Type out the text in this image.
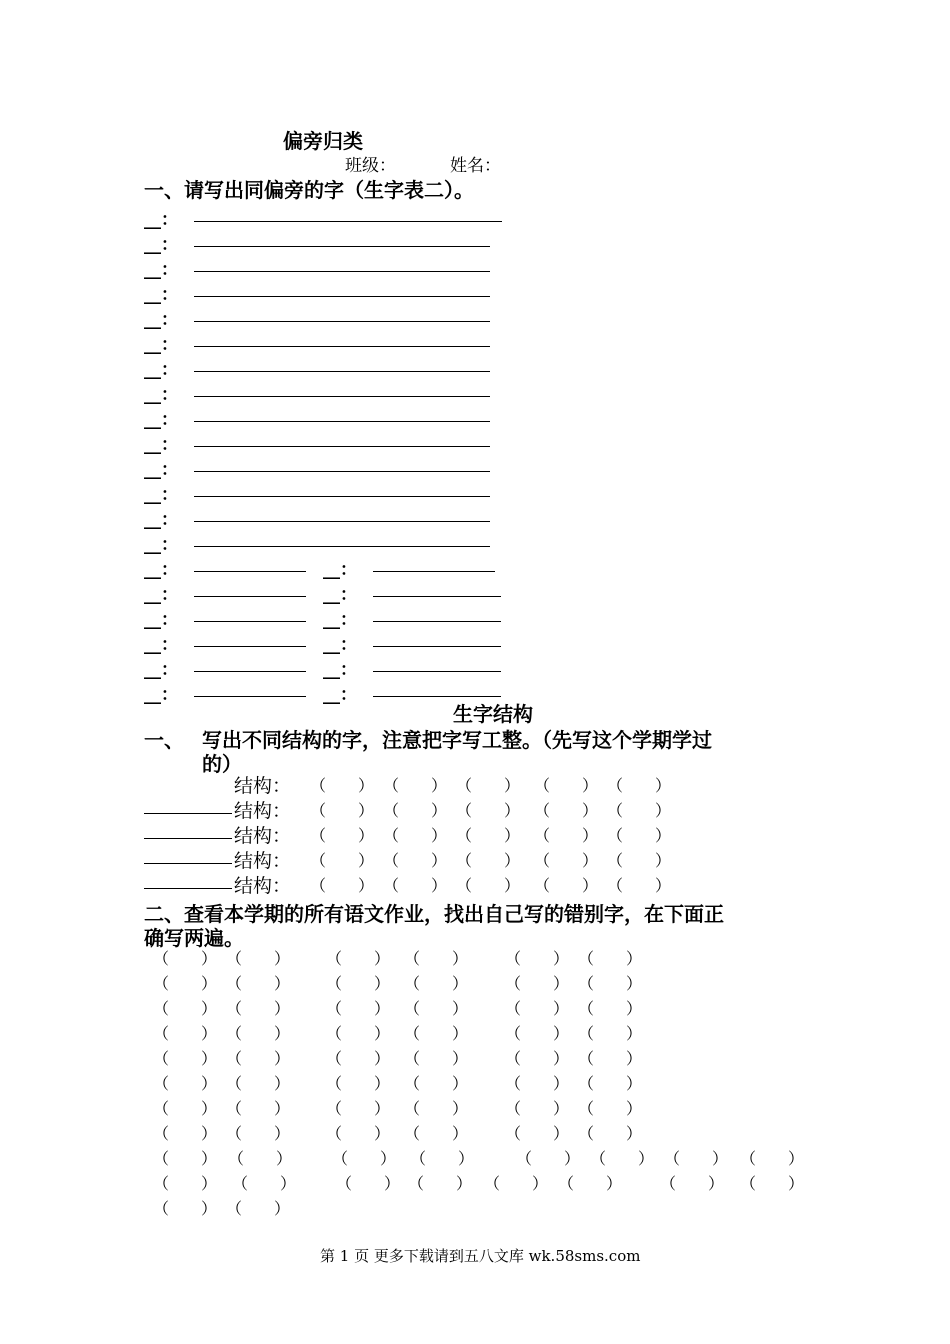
偏旁归类
班级：	姓名：
一、请写出同偏旁的字（生字表二）。
__：
__：
__：
__：
__：
__：
__：
__：
__：
__：
__：
__：
__：
__：
__：	__：
__：	__：
__：	__：
__：	__：
__：	__：
__：	__：
生字结构
一、 写出不同结构的字，注意把字写工整。（先写这个学期学过
的）
结构： （　　） （　　） （　　） （　　） （　　）
结构： （　　） （　　） （　　） （　　） （　　）
结构： （　　） （　　） （　　） （　　） （　　）
结构： （　　） （　　） （　　） （　　） （　　）
结构： （　　） （　　） （　　） （　　） （　　）
二、查看本学期的所有语文作业，找出自己写的错别字，在下面正
确写两遍。
（　　） （　　） （　　） （　　） （　　） （　　）
（　　） （　　） （　　） （　　） （　　） （　　）
（　　） （　　） （　　） （　　） （　　） （　　）
（　　） （　　） （　　） （　　） （　　） （　　）
（　　） （　　） （　　） （　　） （　　） （　　）
（　　） （　　） （　　） （　　） （　　） （　　）
（　　） （　　） （　　） （　　） （　　） （　　）
（　　） （　　） （　　） （　　） （　　） （　　）
（　　） （　　） （　　） （　　）	（　　） （　　） （　　） （　　）
（　　） （　　） （　　） （　　） （　　） （　　） （　　） （　　）
（　　） （　　）
第 1 页 更多下载请到五八文库 wk.58sms.com
